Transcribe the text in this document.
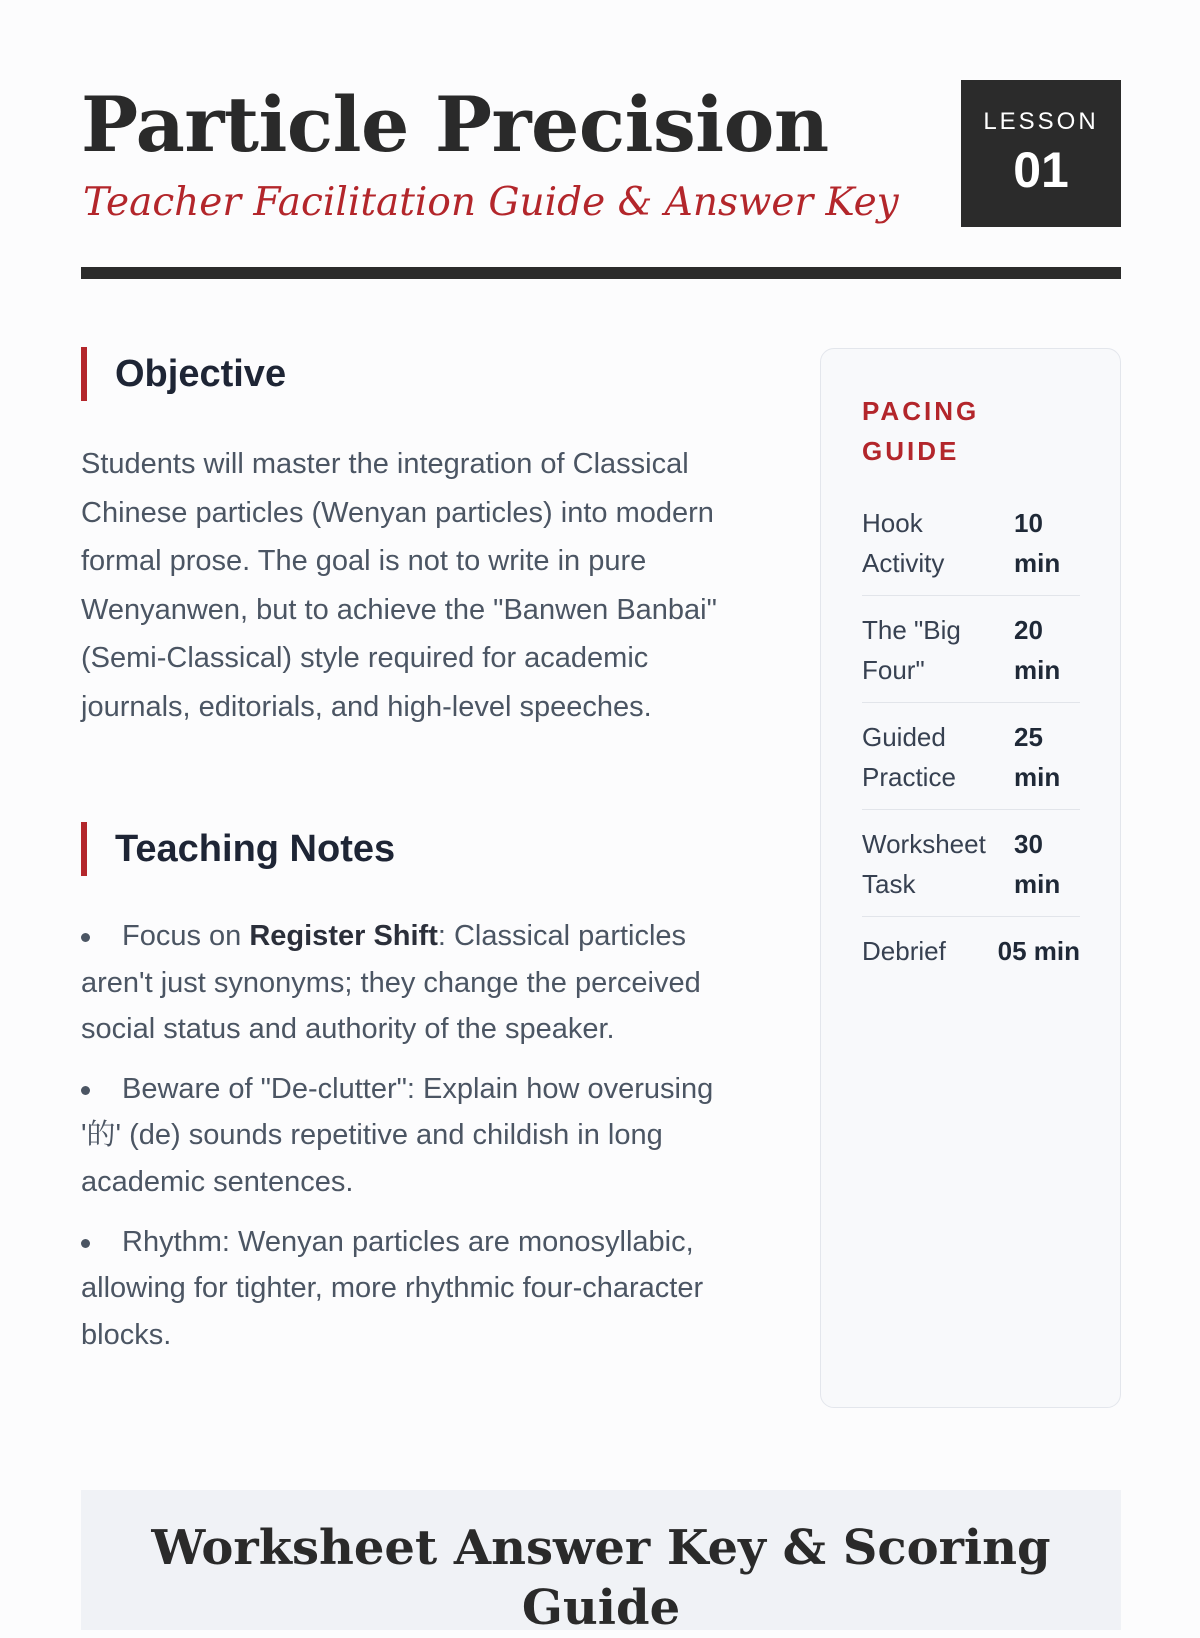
Particle Precision

Teacher Facilitation Guide & Answer Key

LESSON
01
Objective

Students will master the integration of Classical Chinese particles (Wenyan particles) into modern formal prose. The goal is not to write in pure Wenyanwen, but to achieve the "Banwen Banbai" (Semi-Classical) style required for academic journals, editorials, and high-level speeches.

Teaching Notes
Focus on Register Shift: Classical particles aren't just synonyms; they change the perceived social status and authority of the speaker.
Beware of "De-clutter": Explain how overusing '的' (de) sounds repetitive and childish in long academic sentences.
Rhythm: Wenyan particles are monosyllabic, allowing for tighter, more rhythmic four-character blocks.
PACING GUIDE
Hook Activity
10 min
The "Big Four"
20 min
Guided Practice
25 min
Worksheet Task
30 min
Debrief	05 min
Worksheet Answer Key & Scoring Guide
